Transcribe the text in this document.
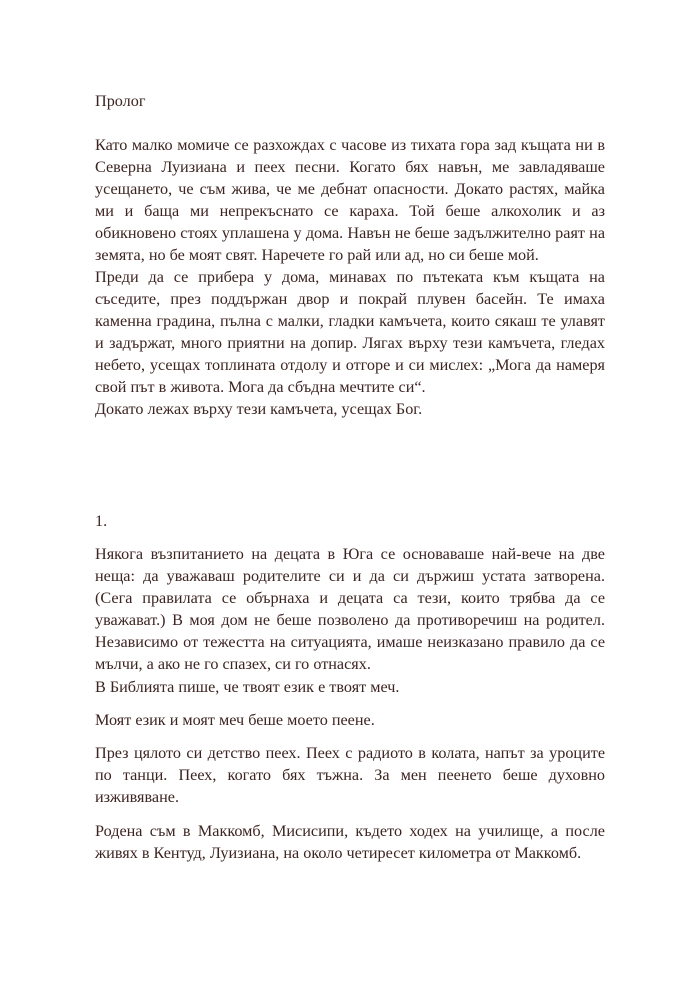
Пролог

Като малко момиче се разхождах с часове из тихата гора зад къщата ни в Северна Луизиана и пеех песни. Когато бях навън, ме завладяваше усещането, че съм жива, че ме дебнат опасности. Докато растях, майка ми и баща ми непрекъснато се караха. Той беше алкохолик и аз обикновено стоях уплашена у дома. Навън не беше задължително раят на земята, но бе моят свят. Наречете го рай или ад, но си беше мой.

Преди да се прибера у дома, минавах по пътеката към къщата на съседите, през поддържан двор и покрай плувен басейн. Те имаха каменна градина, пълна с малки, гладки камъчета, които сякаш те улавят и задържат, много приятни на допир. Лягах върху тези камъчета, гледах небето, усещах топлината отдолу и отгоре и си мислех: „Мога да намеря свой път в живота. Мога да сбъдна мечтите си“.

Докато лежах върху тези камъчета, усещах Бог.

1.

Някога възпитанието на децата в Юга се основаваше най-вече на две неща: да уважаваш родителите си и да си държиш устата затворена. (Сега правилата се обърнаха и децата са тези, които трябва да се уважават.) В моя дом не беше позволено да противоречиш на родител. Независимо от тежестта на ситуацията, имаше неизказано правило да се мълчи, а ако не го спазех, си го отнасях.

В Библията пише, че твоят език е твоят меч.

Моят език и моят меч беше моето пеене.

През цялото си детство пеех. Пеех с радиото в колата, напът за уроците по танци. Пеех, когато бях тъжна. За мен пеенето беше духовно изживяване.

Родена съм в Маккомб, Мисисипи, където ходех на училище, а после живях в Кентуд, Луизиана, на около четиресет километра от Маккомб.
